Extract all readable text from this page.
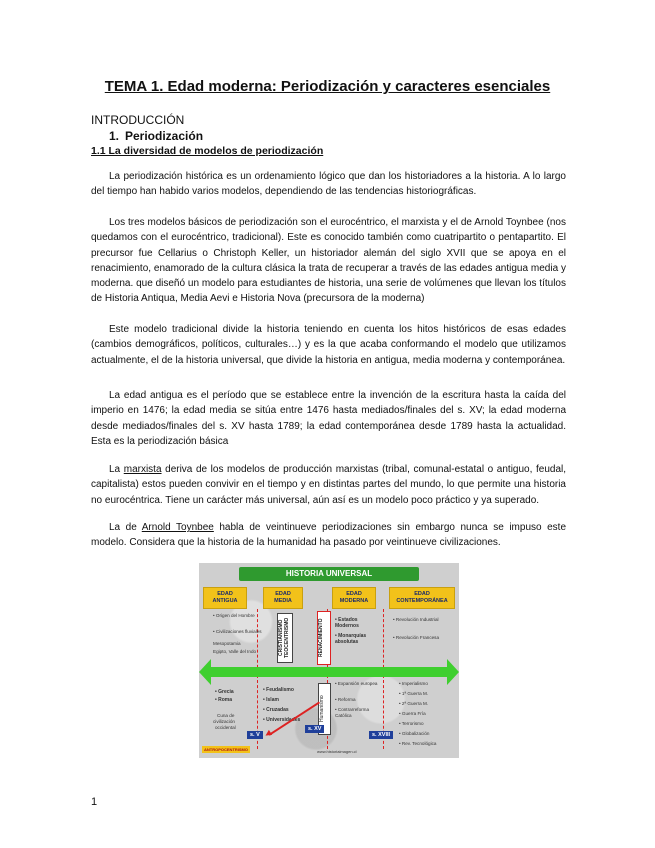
TEMA 1. Edad moderna: Periodización y caracteres esenciales
INTRODUCCIÓN
1. Periodización
1.1 La diversidad de modelos de periodización

La periodización histórica es un ordenamiento lógico que dan los historiadores a la historia. A lo largo del tiempo han habido varios modelos, dependiendo de las tendencias historiográficas.

Los tres modelos básicos de periodización son el eurocéntrico, el marxista y el de Arnold Toynbee (nos quedamos con el eurocéntrico, tradicional). Este es conocido también como cuatripartito o pentapartito. El precursor fue Cellarius o Christoph Keller, un historiador alemán del siglo XVII que se apoya en el renacimiento, enamorado de la cultura clásica la trata de recuperar a través de las edades antigua media y moderna. que diseñó un modelo para estudiantes de historia, una serie de volúmenes que llevan los títulos de Historia Antiqua, Media Aevi e Historia Nova (precursora de la moderna)

Este modelo tradicional divide la historia teniendo en cuenta los hitos históricos de esas edades (cambios demográficos, políticos, culturales…) y es la que acaba conformando el modelo que utilizamos actualmente, el de la historia universal, que divide la historia en antigua, media moderna y contemporánea.

La edad antigua es el período que se establece entre la invención de la escritura hasta la caída del imperio en 1476; la edad media se sitúa entre 1476 hasta mediados/finales del s. XV; la edad moderna desde mediados/finales del s. XV hasta 1789; la edad contemporánea desde 1789 hasta la actualidad. Esta es la periodización básica

La marxista deriva de los modelos de producción marxistas (tribal, comunal-estatal o antiguo, feudal, capitalista) estos pueden convivir en el tiempo y en distintas partes del mundo, lo que permite una historia no eurocéntrica. Tiene un carácter más universal, aún así es un modelo poco práctico y ya superado.

La de Arnold Toynbee habla de veintinueve periodizaciones sin embargo nunca se impuso este modelo. Considera que la historia de la humanidad ha pasado por veintinueve civilizaciones.

HISTORIA UNIVERSAL
EDAD
ANTIGUA
EDAD
MEDIA
EDAD
MODERNA
EDAD
CONTEMPORÁNEA
CRISTIANISMO TEOCENTRISMO	RENACIMIENTO
Humanismo
• Origen del Hombre
• Civilizaciones fluviales
Mesopotamia
Egipto, Valle del Indo
• Grecia
• Roma
Cuna de
civilización
occidental
• Feudalismo
• Islam
• Cruzadas
• Universidades
• Estados Modernos
• Monarquías absolutas
• Expansión europea
• Reforma
• Contrarreforma Católica
• Revolución Industrial
• Revolución Francesa
• Imperialismo
• 1ª Guerra M.
• 2ª Guerra M.
• Guerra Fría
• Terrorismo
• Globalización
• Rev. Tecnológica
s. V
s. XV
s. XVIII
ANTROPOCENTRISMO	www.historiaimagen.cl
1
